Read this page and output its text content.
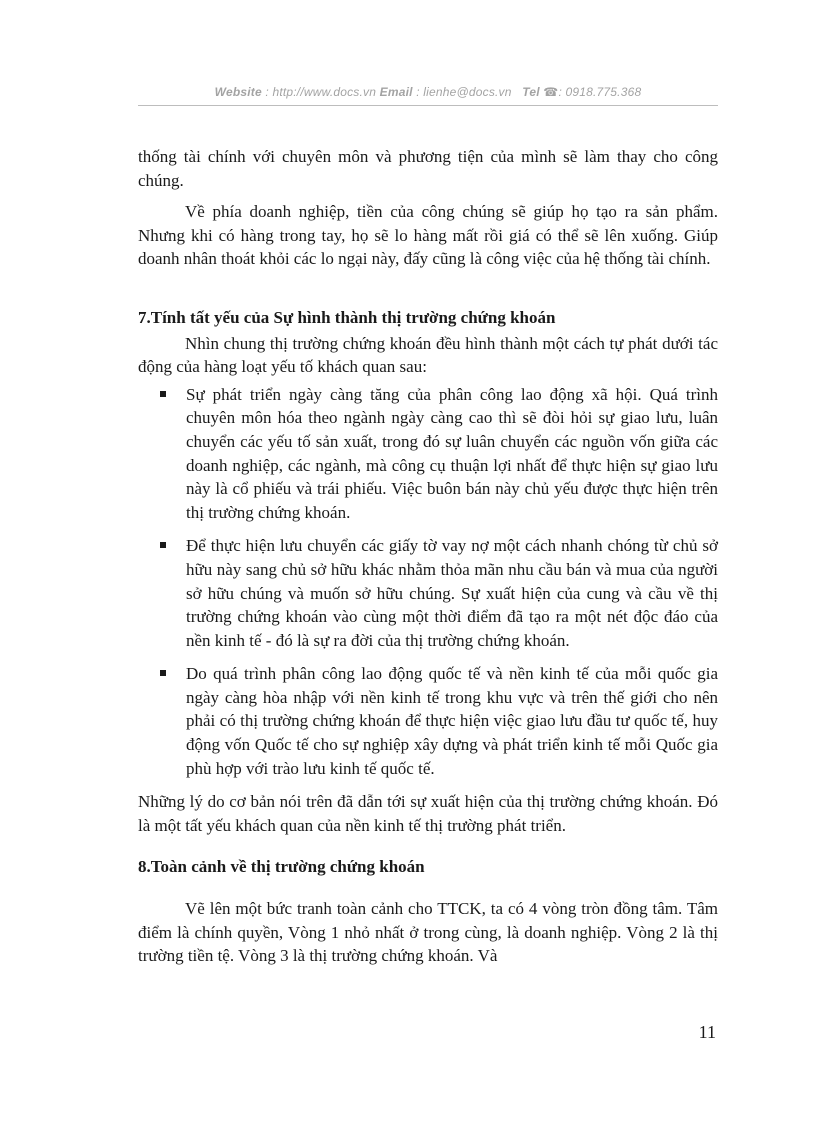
Website : http://www.docs.vn Email : lienhe@docs.vn   Tel ☎: 0918.775.368

thống tài chính với chuyên môn và phương tiện của mình sẽ làm thay cho công chúng.

Về phía doanh nghiệp, tiền của công chúng sẽ giúp họ tạo ra sản phẩm. Nhưng khi có hàng trong tay, họ sẽ lo hàng mất rồi giá có thể sẽ lên xuống. Giúp doanh nhân thoát khỏi các lo ngại này, đấy cũng là công việc của hệ thống tài chính.

7.Tính tất yếu của Sự hình thành thị trường chứng khoán

Nhìn chung thị trường chứng khoán đều hình thành một cách tự phát dưới tác động của hàng loạt yếu tố khách quan sau:

Sự phát triển ngày càng tăng của phân công lao động xã hội. Quá trình chuyên môn hóa theo ngành ngày càng cao thì sẽ đòi hỏi sự giao lưu, luân chuyển các yếu tố sản xuất, trong đó sự luân chuyển các nguồn vốn giữa các doanh nghiệp, các ngành, mà công cụ thuận lợi nhất để thực hiện sự giao lưu này là cổ phiếu và trái phiếu. Việc buôn bán này chủ yếu được thực hiện trên thị trường chứng khoán.
Để thực hiện lưu chuyển các giấy tờ vay nợ một cách nhanh chóng từ chủ sở hữu này sang chủ sở hữu khác nhằm thỏa mãn nhu cầu bán và mua của người sở hữu chúng và muốn sở hữu chúng. Sự xuất hiện của cung và cầu về thị trường chứng khoán vào cùng một thời điểm đã tạo ra một nét độc đáo của nền kinh tế - đó là sự ra đời của thị trường chứng khoán.
Do quá trình phân công lao động quốc tế và nền kinh tế của mỗi quốc gia ngày càng hòa nhập với nền kinh tế trong khu vực và trên thế giới cho nên phải có thị trường chứng khoán để thực hiện việc giao lưu đầu tư quốc tế, huy động vốn Quốc tế cho sự nghiệp xây dựng và phát triển kinh tế mỗi Quốc gia phù hợp với trào lưu kinh tế quốc tế.

Những lý do cơ bản nói trên đã dẫn tới sự xuất hiện của thị trường chứng khoán. Đó là một tất yếu khách quan của nền kinh tế thị trường phát triển.

8.Toàn cảnh về thị trường chứng khoán

Vẽ lên một bức tranh toàn cảnh cho TTCK, ta có 4 vòng tròn đồng tâm. Tâm điểm là chính quyền, Vòng 1 nhỏ nhất ở trong cùng, là doanh nghiệp. Vòng 2 là thị trường tiền tệ. Vòng 3 là thị trường chứng khoán. Và

11
